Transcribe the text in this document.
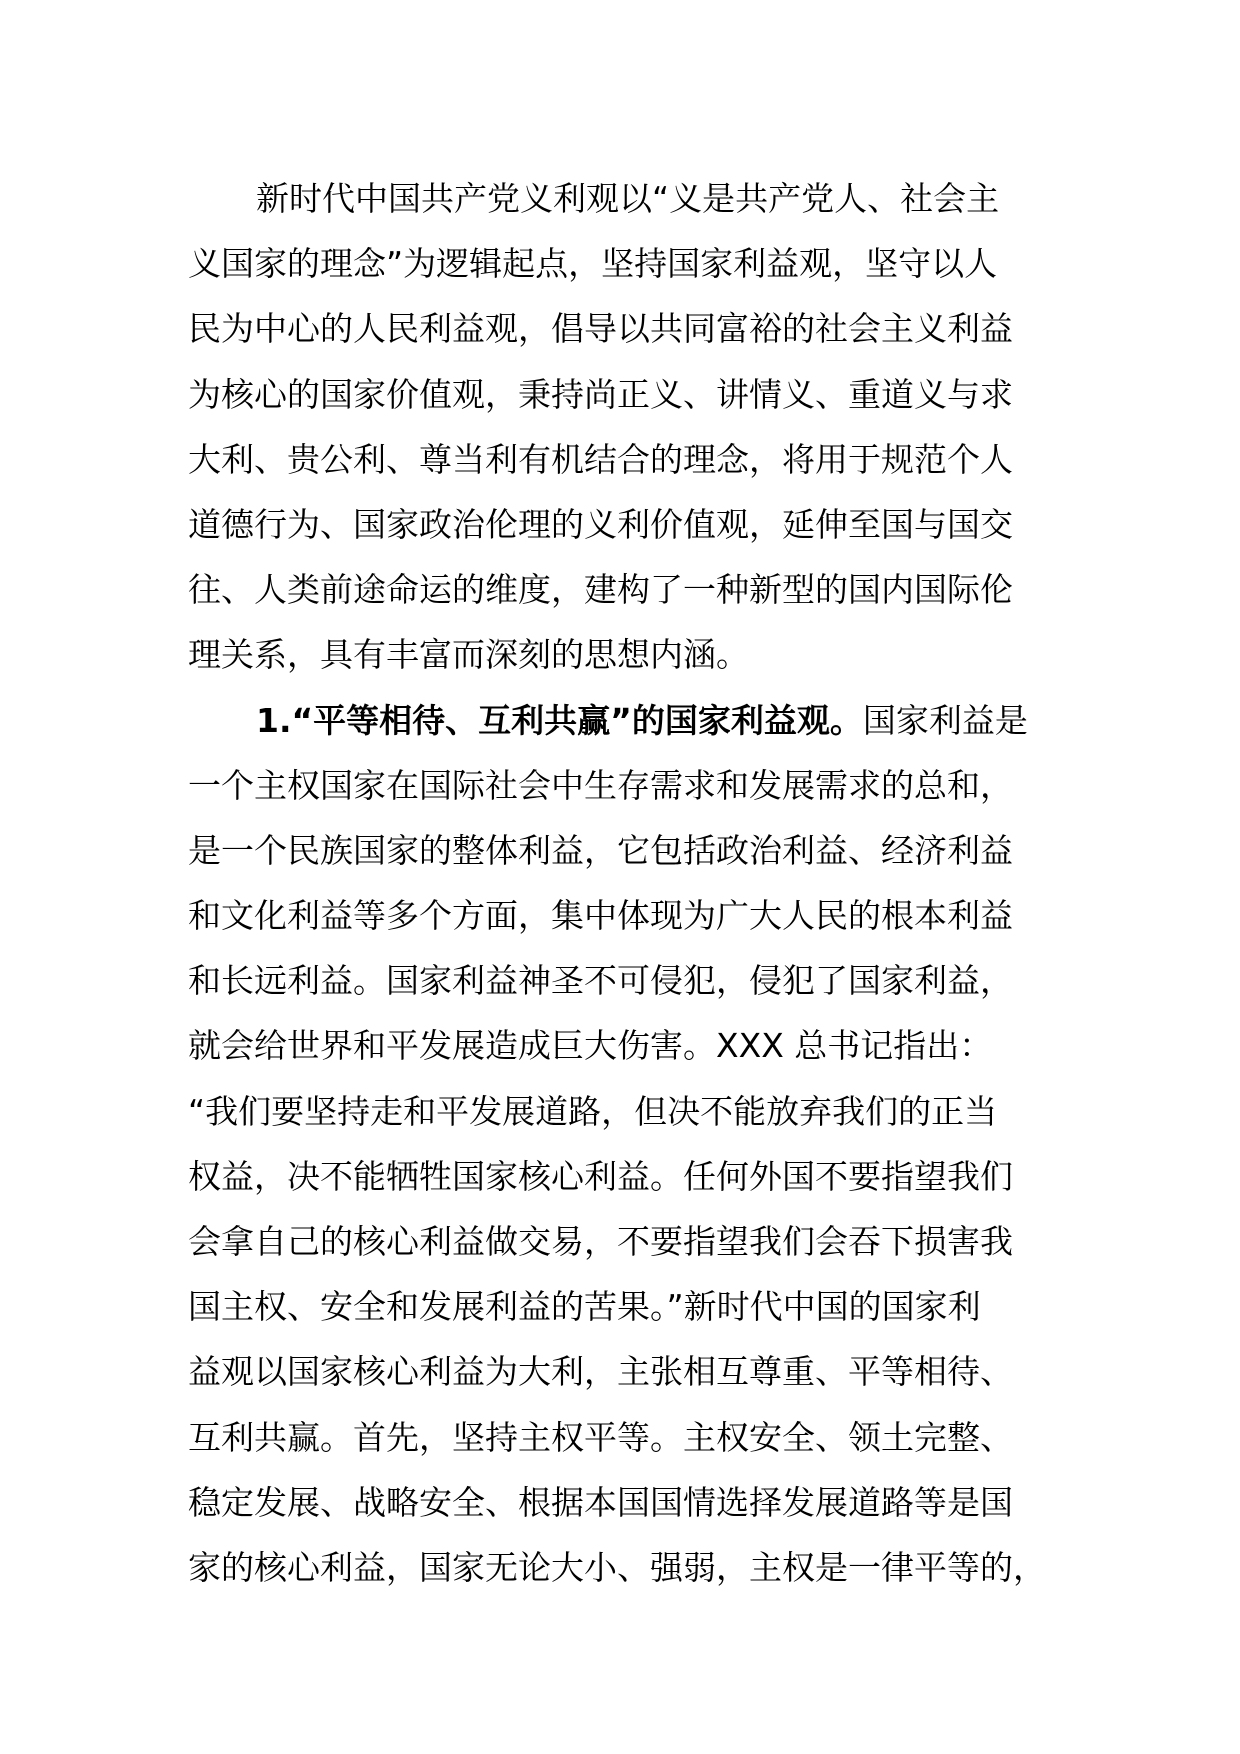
新时代中国共产党义利观以“义是共产党人、社会主
义国家的理念”为逻辑起点，坚持国家利益观，坚守以人
民为中心的人民利益观，倡导以共同富裕的社会主义利益
为核心的国家价值观，秉持尚正义、讲情义、重道义与求
大利、贵公利、尊当利有机结合的理念，将用于规范个人
道德行为、国家政治伦理的义利价值观，延伸至国与国交
往、人类前途命运的维度，建构了一种新型的国内国际伦
理关系，具有丰富而深刻的思想内涵。
1.“平等相待、互利共赢”的国家利益观。国家利益是
一个主权国家在国际社会中生存需求和发展需求的总和，
是一个民族国家的整体利益，它包括政治利益、经济利益
和文化利益等多个方面，集中体现为广大人民的根本利益
和长远利益。国家利益神圣不可侵犯，侵犯了国家利益，
就会给世界和平发展造成巨大伤害。XXX 总书记指出：
“我们要坚持走和平发展道路，但决不能放弃我们的正当
权益，决不能牺牲国家核心利益。任何外国不要指望我们
会拿自己的核心利益做交易，不要指望我们会吞下损害我
国主权、安全和发展利益的苦果。”新时代中国的国家利
益观以国家核心利益为大利，主张相互尊重、平等相待、
互利共赢。首先，坚持主权平等。主权安全、领土完整、
稳定发展、战略安全、根据本国国情选择发展道路等是国
家的核心利益，国家无论大小、强弱，主权是一律平等的，
